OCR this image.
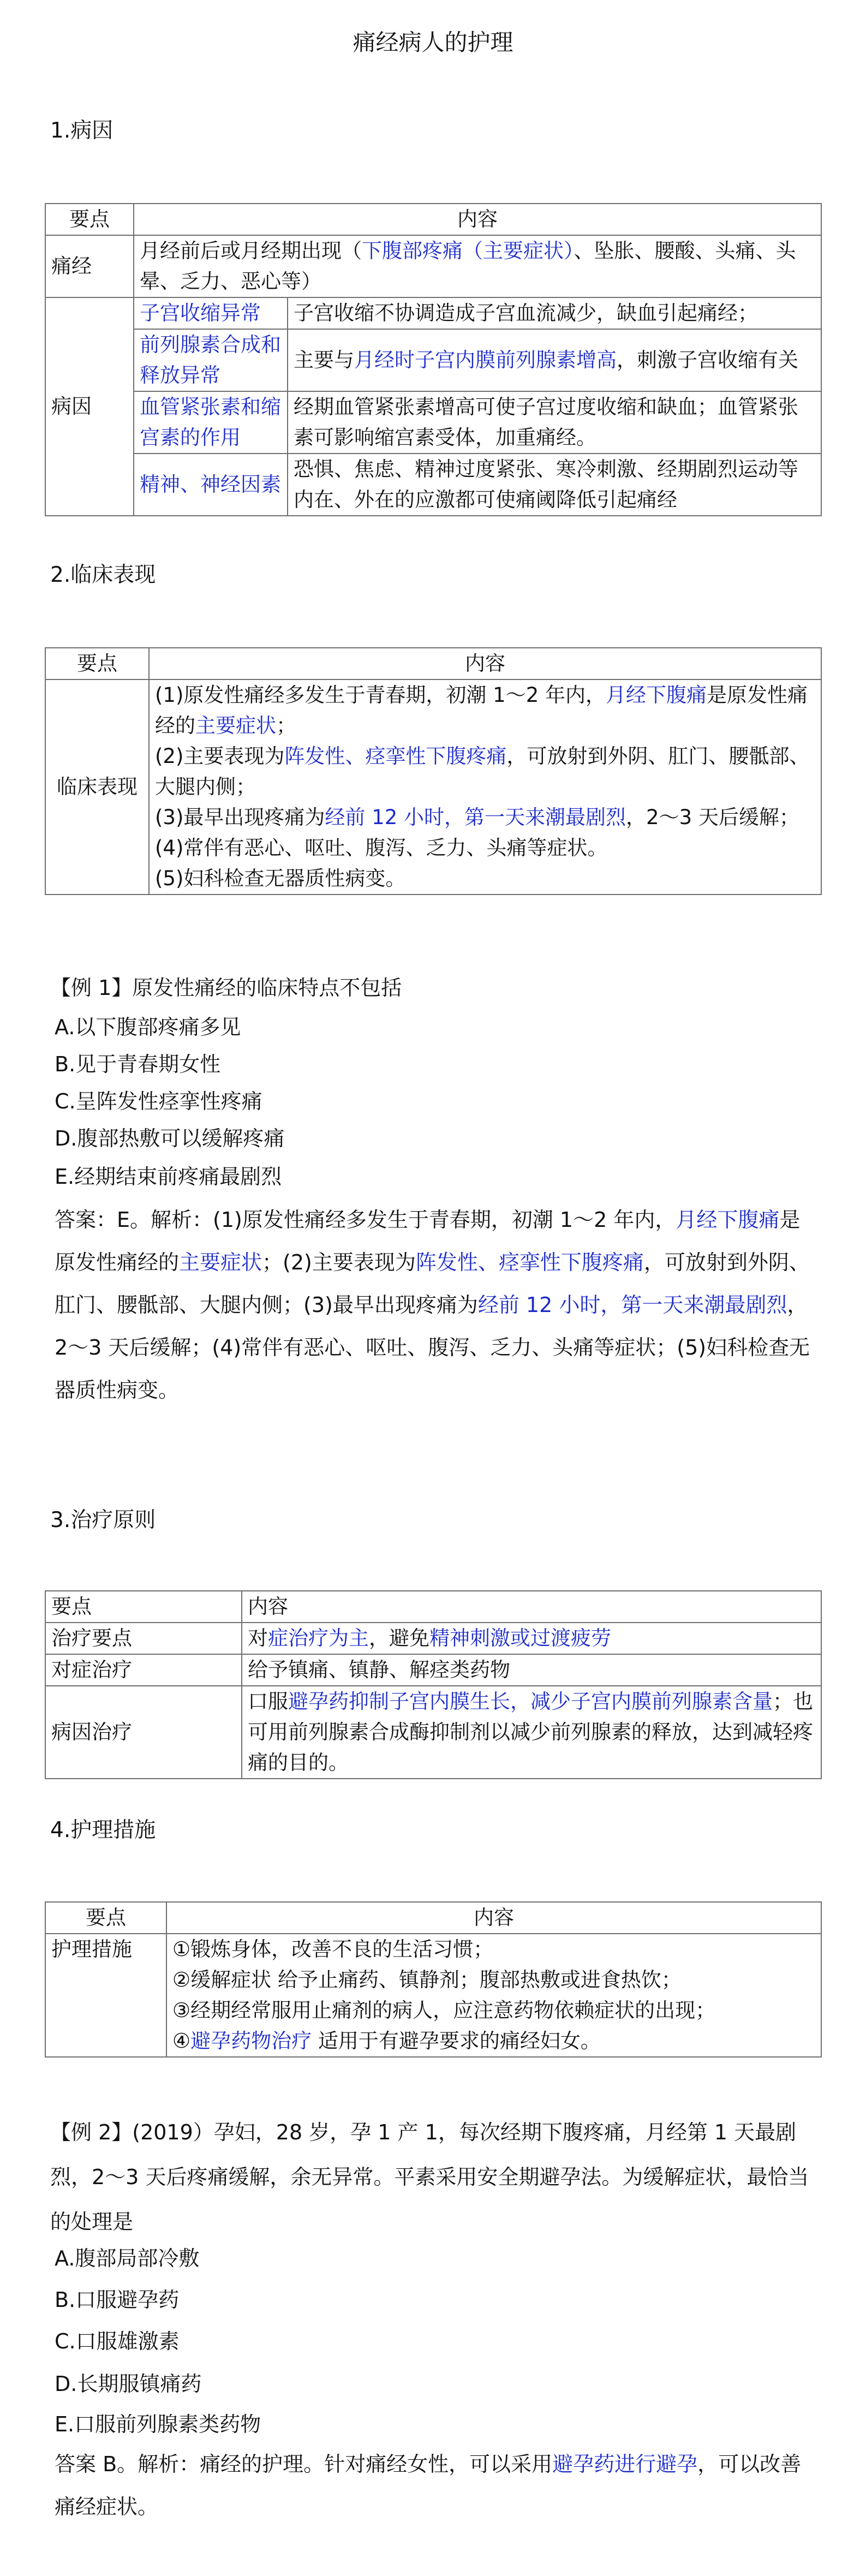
痛经病人的护理
1.病因
要点	内容	
痛经	月经前后或月经期出现（下腹部疼痛（主要症状）、坠胀、腰酸、头痛、头晕、乏力、恶心等）	
病因	子宫收缩异常	子宫收缩不协调造成子宫血流减少，缺血引起痛经；
	前列腺素合成和释放异常	主要与月经时子宫内膜前列腺素增高，刺激子宫收缩有关
	血管紧张素和缩宫素的作用	经期血管紧张素增高可使子宫过度收缩和缺血；血管紧张素可影响缩宫素受体，加重痛经。
	精神、神经因素	恐惧、焦虑、精神过度紧张、寒冷刺激、经期剧烈运动等内在、外在的应激都可使痛阈降低引起痛经
2.临床表现
要点	内容
临床表现	(1)原发性痛经多发生于青春期，初潮 1～2 年内，月经下腹痛是原发性痛经的主要症状；
(2)主要表现为阵发性、痉挛性下腹疼痛，可放射到外阴、肛门、腰骶部、大腿内侧；
(3)最早出现疼痛为经前 12 小时，第一天来潮最剧烈，2～3 天后缓解；
(4)常伴有恶心、呕吐、腹泻、乏力、头痛等症状。
(5)妇科检查无器质性病变。
【例 1】原发性痛经的临床特点不包括
A.以下腹部疼痛多见
B.见于青春期女性
C.呈阵发性痉挛性疼痛
D.腹部热敷可以缓解疼痛
E.经期结束前疼痛最剧烈
答案：E。解析：(1)原发性痛经多发生于青春期，初潮 1～2 年内，月经下腹痛是原发性痛经的主要症状；(2)主要表现为阵发性、痉挛性下腹疼痛，可放射到外阴、肛门、腰骶部、大腿内侧；(3)最早出现疼痛为经前 12 小时，第一天来潮最剧烈，2～3 天后缓解；(4)常伴有恶心、呕吐、腹泻、乏力、头痛等症状；(5)妇科检查无器质性病变。
3.治疗原则
要点	内容
治疗要点	对症治疗为主，避免精神刺激或过渡疲劳
对症治疗	给予镇痛、镇静、解痉类药物
病因治疗	口服避孕药抑制子宫内膜生长，减少子宫内膜前列腺素含量；也可用前列腺素合成酶抑制剂以减少前列腺素的释放，达到减轻疼痛的目的。
4.护理措施
要点	内容
护理措施	①锻炼身体，改善不良的生活习惯；
②缓解症状 给予止痛药、镇静剂；腹部热敷或进食热饮；
③经期经常服用止痛剂的病人，应注意药物依赖症状的出现；
④避孕药物治疗 适用于有避孕要求的痛经妇女。
【例 2】(2019）孕妇，28 岁，孕 1 产 1，每次经期下腹疼痛，月经第 1 天最剧烈，2～3 天后疼痛缓解，余无异常。平素采用安全期避孕法。为缓解症状，最恰当的处理是
A.腹部局部冷敷
B.口服避孕药
C.口服雄激素
D.长期服镇痛药
E.口服前列腺素类药物
答案 B。解析：痛经的护理。针对痛经女性，可以采用避孕药进行避孕，可以改善痛经症状。
